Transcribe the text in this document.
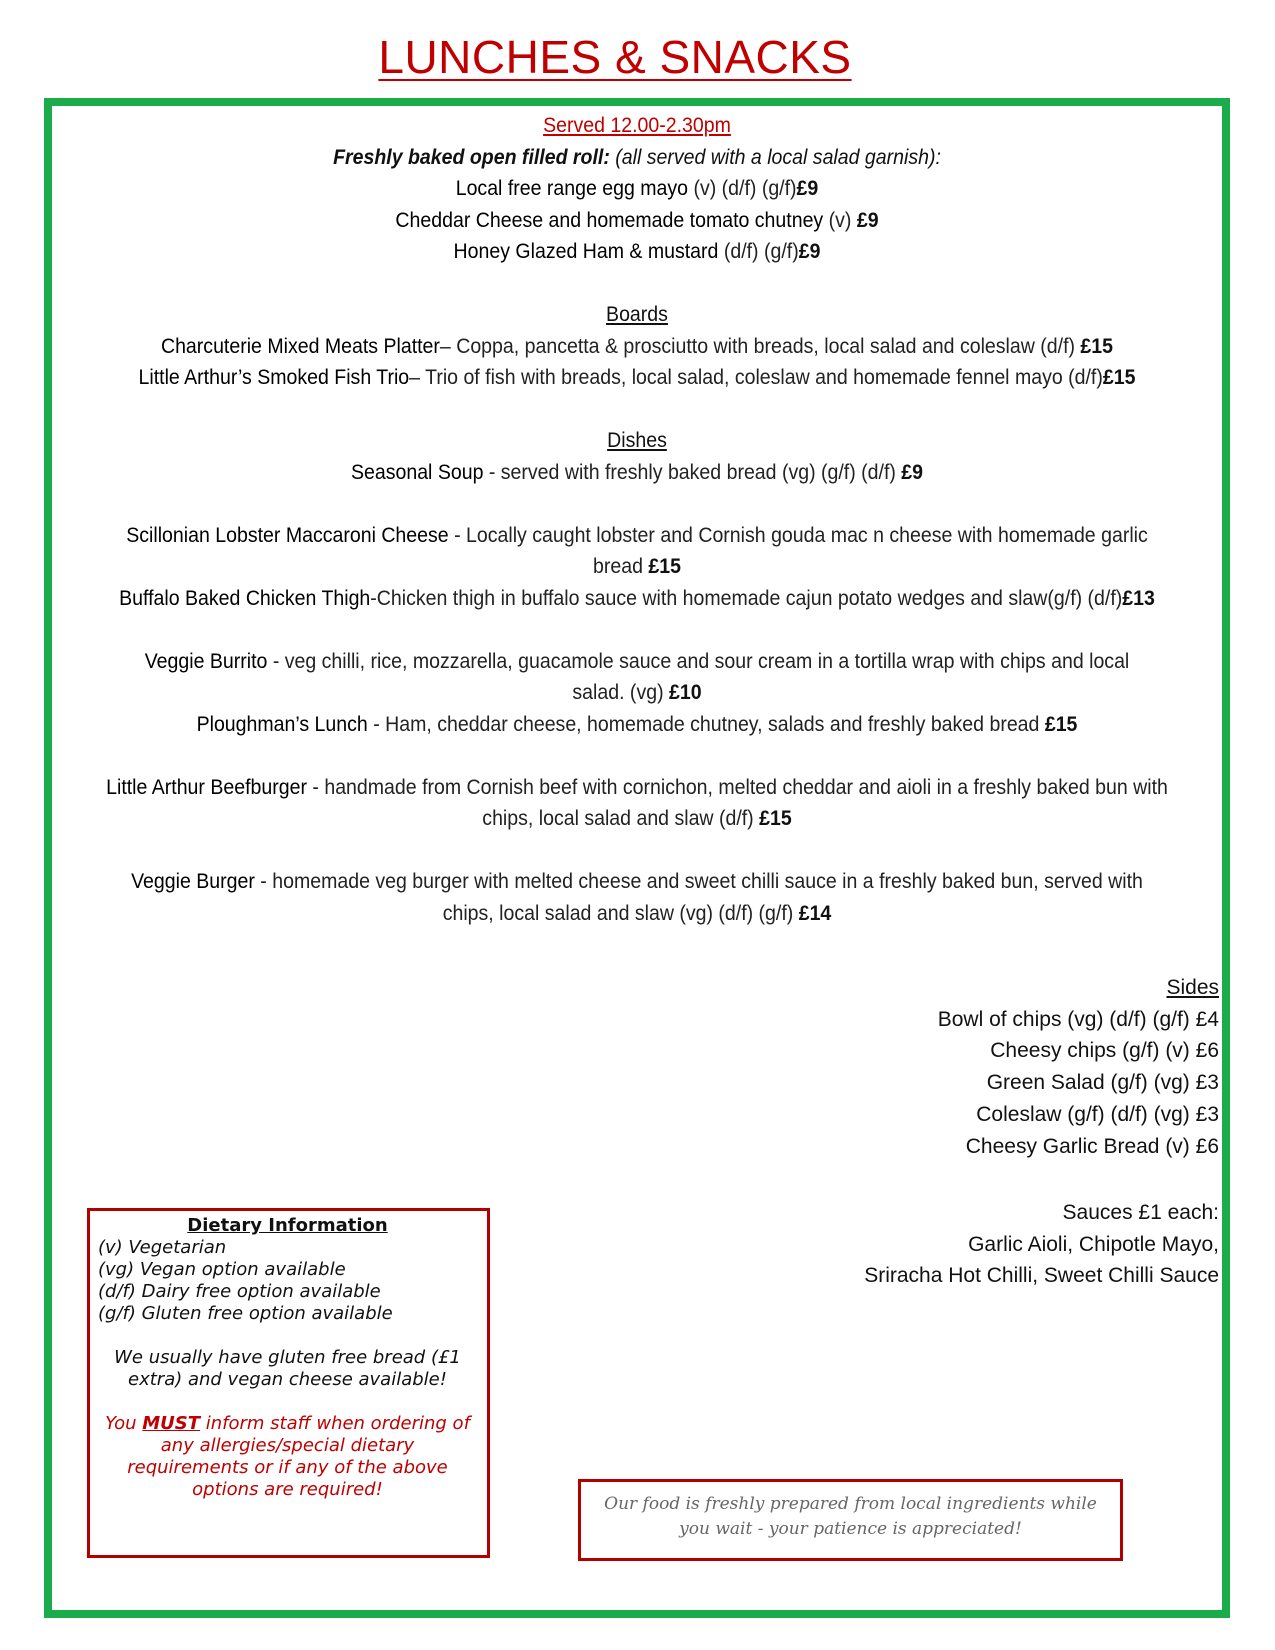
LUNCHES & SNACKS
Served 12.00-2.30pm
Freshly baked open filled roll: (all served with a local salad garnish):
Local free range egg mayo (v) (d/f) (g/f)£9
Cheddar Cheese and homemade tomato chutney (v) £9
Honey Glazed Ham & mustard (d/f) (g/f)£9
Boards
Charcuterie Mixed Meats Platter– Coppa, pancetta & prosciutto with breads, local salad and coleslaw (d/f) £15
Little Arthur’s Smoked Fish Trio– Trio of fish with breads, local salad, coleslaw and homemade fennel mayo (d/f)£15
Dishes
Seasonal Soup - served with freshly baked bread (vg) (g/f) (d/f) £9
Scillonian Lobster Maccaroni Cheese - Locally caught lobster and Cornish gouda mac n cheese with homemade garlic bread £15
Buffalo Baked Chicken Thigh-Chicken thigh in buffalo sauce with homemade cajun potato wedges and slaw(g/f) (d/f)£13
Veggie Burrito - veg chilli, rice, mozzarella, guacamole sauce and sour cream in a tortilla wrap with chips and local salad. (vg) £10
Ploughman’s Lunch - Ham, cheddar cheese, homemade chutney, salads and freshly baked bread £15
Little Arthur Beefburger - handmade from Cornish beef with cornichon, melted cheddar and aioli in a freshly baked bun with chips, local salad and slaw (d/f) £15
Veggie Burger - homemade veg burger with melted cheese and sweet chilli sauce in a freshly baked bun, served with chips, local salad and slaw (vg) (d/f) (g/f) £14
Sides
Bowl of chips (vg) (d/f) (g/f) £4
Cheesy chips (g/f) (v) £6
Green Salad (g/f) (vg) £3
Coleslaw (g/f) (d/f) (vg) £3
Cheesy Garlic Bread (v) £6
Sauces £1 each:
Garlic Aioli, Chipotle Mayo,
Sriracha Hot Chilli, Sweet Chilli Sauce
Dietary Information
(v) Vegetarian
(vg) Vegan option available
(d/f) Dairy free option available
(g/f) Gluten free option available
We usually have gluten free bread (£1 extra) and vegan cheese available!
You MUST inform staff when ordering of any allergies/special dietary requirements or if any of the above options are required!
Our food is freshly prepared from local ingredients while
you wait - your patience is appreciated!
